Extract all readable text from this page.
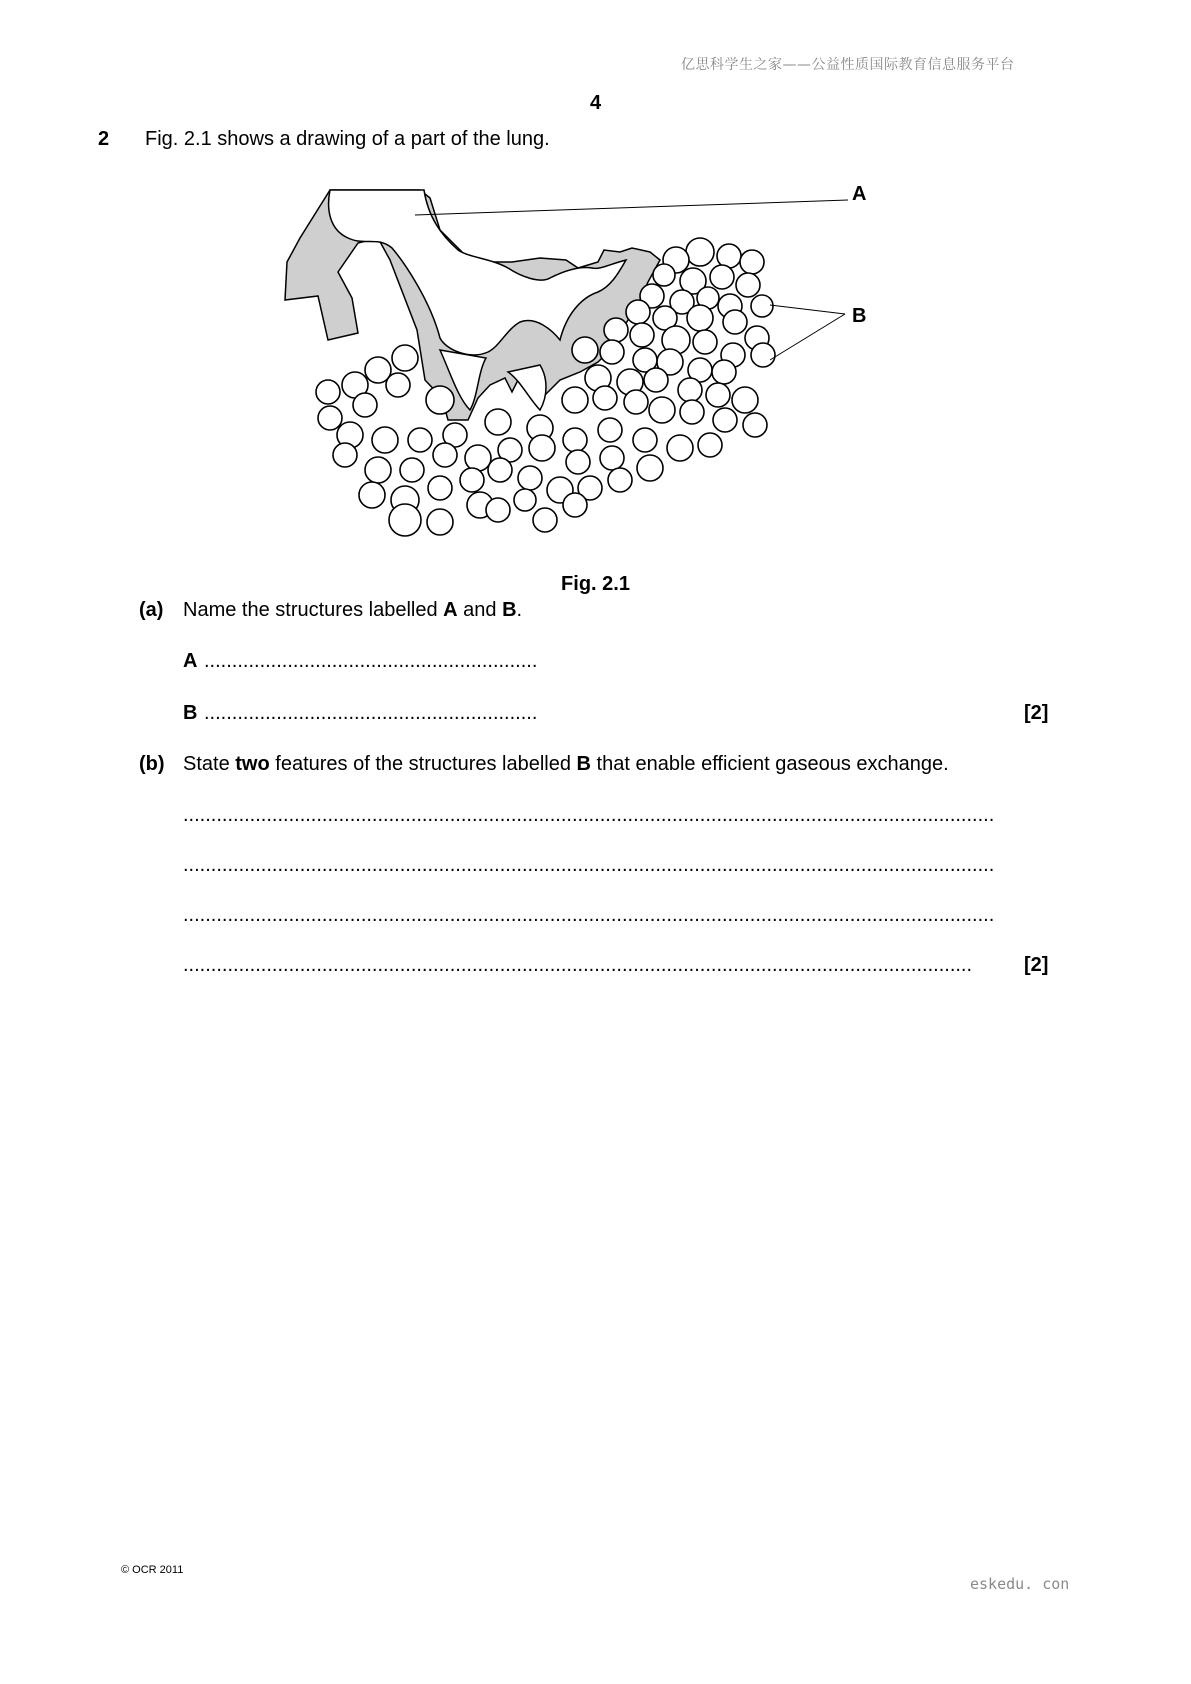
亿思科学生之家——公益性质国际教育信息服务平台
4
2 Fig. 2.1 shows a drawing of a part of the lung.
A
B
Fig. 2.1
(a) Name the structures labelled A and B.
A ............................................................
B ............................................................	[2]
(b) State two features of the structures labelled B that enable efficient gaseous exchange.
..................................................................................................................................................
..................................................................................................................................................
..................................................................................................................................................
..............................................................................................................................................	[2]
© OCR 2011
eskedu. con
